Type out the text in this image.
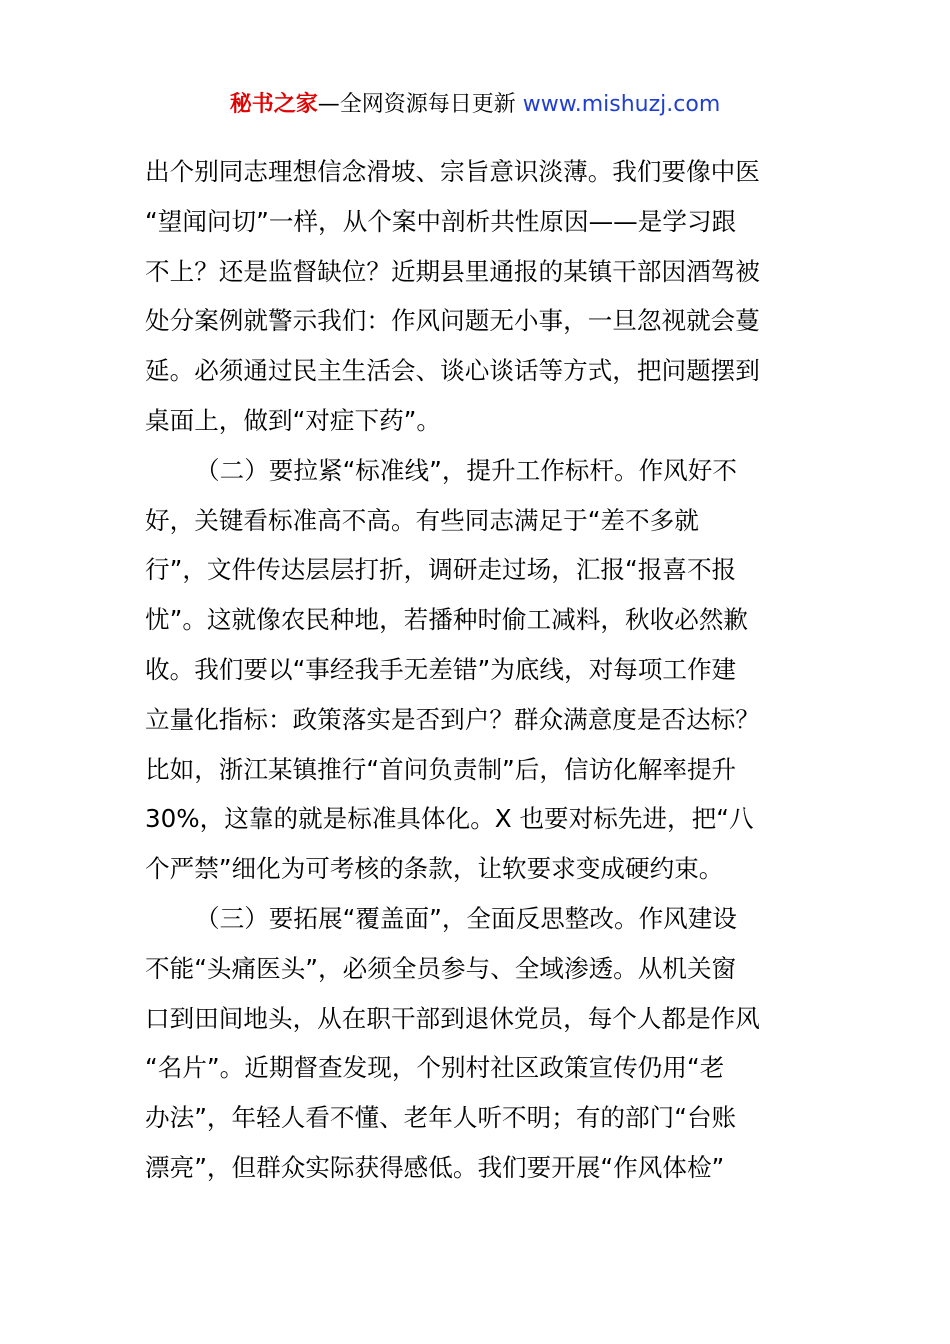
秘书之家—全网资源每日更新 www.mishuzj.com
出个别同志理想信念滑坡、宗旨意识淡薄。我们要像中医
“望闻问切”一样，从个案中剖析共性原因——是学习跟
不上？还是监督缺位？近期县里通报的某镇干部因酒驾被
处分案例就警示我们：作风问题无小事，一旦忽视就会蔓
延。必须通过民主生活会、谈心谈话等方式，把问题摆到
桌面上，做到“对症下药”。
（二）要拉紧“标准线”，提升工作标杆。作风好不
好，关键看标准高不高。有些同志满足于“差不多就
行”，文件传达层层打折，调研走过场，汇报“报喜不报
忧”。这就像农民种地，若播种时偷工减料，秋收必然歉
收。我们要以“事经我手无差错”为底线，对每项工作建
立量化指标：政策落实是否到户？群众满意度是否达标？
比如，浙江某镇推行“首问负责制”后，信访化解率提升
30%，这靠的就是标准具体化。X 也要对标先进，把“八
个严禁”细化为可考核的条款，让软要求变成硬约束。
（三）要拓展“覆盖面”，全面反思整改。作风建设
不能“头痛医头”，必须全员参与、全域渗透。从机关窗
口到田间地头，从在职干部到退休党员，每个人都是作风
“名片”。近期督查发现，个别村社区政策宣传仍用“老
办法”，年轻人看不懂、老年人听不明；有的部门“台账
漂亮”，但群众实际获得感低。我们要开展“作风体检”
